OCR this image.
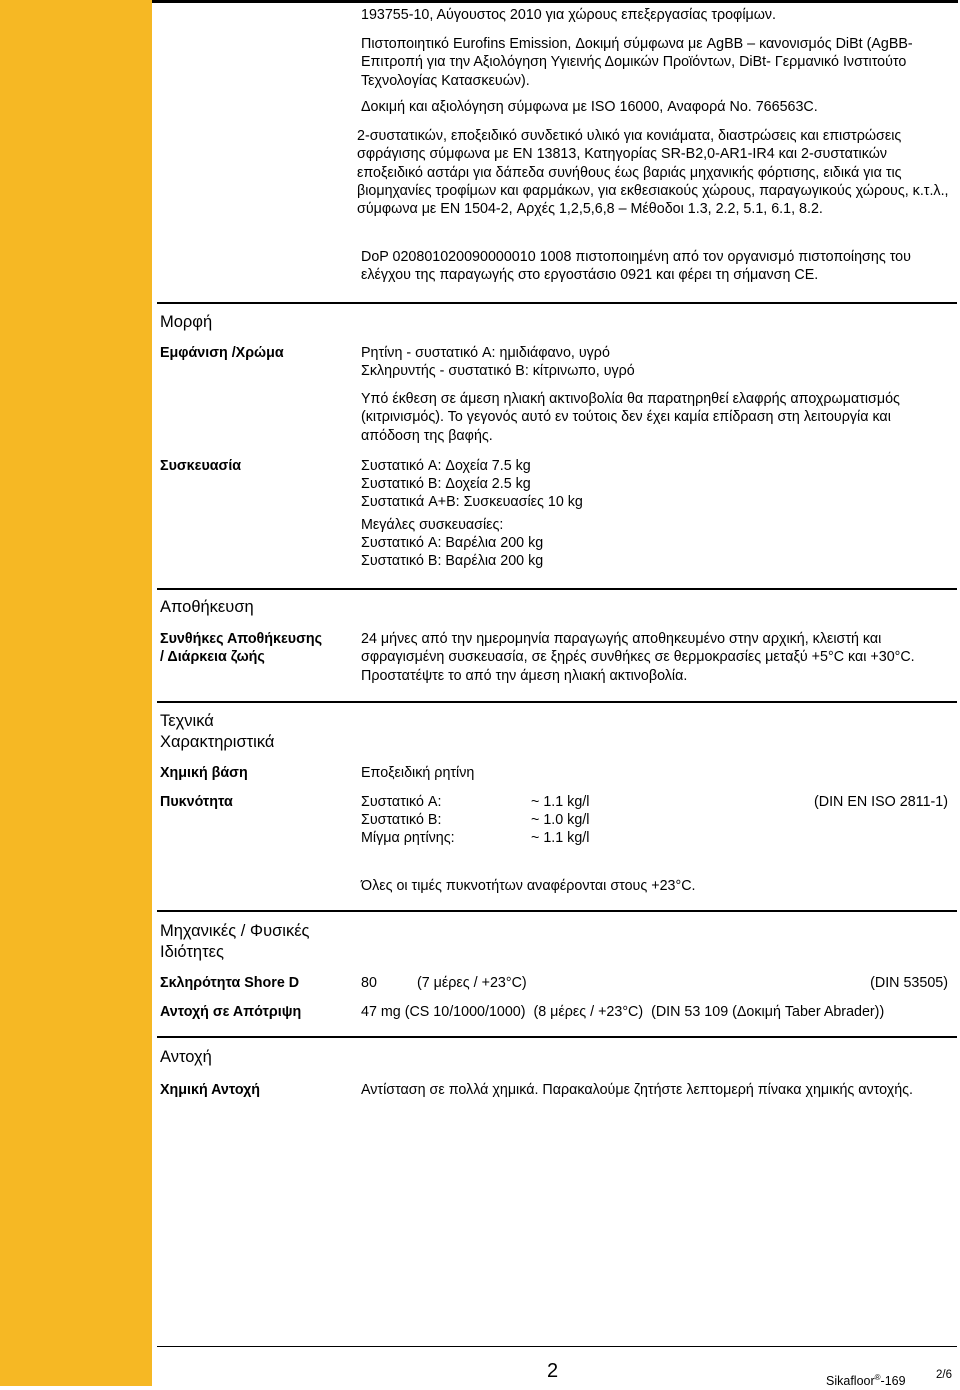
193755-10, Αύγουστος 2010 για χώρους επεξεργασίας τροφίμων.
Πιστοποιητικό Eurofins Emission, Δοκιμή σύμφωνα με AgBB – κανονισμός DiBt (AgBB-Επιτροπή για την Αξιολόγηση Υγιεινής Δομικών Προϊόντων, DiBt- Γερμανικό Ινστιτούτο Τεχνολογίας Κατασκευών).
Δοκιμή και αξιολόγηση σύμφωνα με ISO 16000, Αναφορά No. 766563C.
2-συστατικών, εποξειδικό συνδετικό υλικό για κονιάματα, διαστρώσεις και επιστρώσεις σφράγισης σύμφωνα με EN 13813, Κατηγορίας SR-B2,0-AR1-IR4 και 2-συστατικών εποξειδικό αστάρι για δάπεδα συνήθους έως βαριάς μηχανικής φόρτισης, ειδικά για τις βιομηχανίες τροφίμων και φαρμάκων, για εκθεσιακούς χώρους, παραγωγικούς χώρους, κ.τ.λ., σύμφωνα με EN 1504-2, Αρχές 1,2,5,6,8 – Μέθοδοι 1.3, 2.2, 5.1, 6.1, 8.2.
DoP 020801020090000010 1008 πιστοποιημένη από τον οργανισμό πιστοποίησης του ελέγχου της παραγωγής στο εργοστάσιο 0921 και φέρει τη σήμανση CE.
Μορφή
Εμφάνιση /Χρώμα	Ρητίνη - συστατικό A: ημιδιάφανο, υγρό
Σκληρυντής - συστατικό B: κίτρινωπο, υγρό
Υπό έκθεση σε άμεση ηλιακή ακτινοβολία θα παρατηρηθεί ελαφρής αποχρωματισμός (κιτρινισμός). Το γεγονός αυτό εν τούτοις δεν έχει καμία επίδραση στη λειτουργία και απόδοση της βαφής.
Συσκευασία	Συστατικό A: Δοχεία 7.5 kg
Συστατικό B: Δοχεία 2.5 kg
Συστατικά A+B: Συσκευασίες 10 kg
Μεγάλες συσκευασίες:
Συστατικό A: Βαρέλια 200 kg
Συστατικό B: Βαρέλια 200 kg
Αποθήκευση
Συνθήκες Αποθήκευσης
/ Διάρκεια ζωής
24 μήνες από την ημερομηνία παραγωγής αποθηκευμένο στην αρχική, κλειστή και σφραγισμένη συσκευασία, σε ξηρές συνθήκες σε θερμοκρασίες μεταξύ +5°C και +30°C. Προστατέψτε το από την άμεση ηλιακή ακτινοβολία.
Τεχνικά
Χαρακτηριστικά
Χημική βάση	Εποξειδική ρητίνη
Πυκνότητα	Συστατικό A:	~ 1.1 kg/l
Συστατικό B:	~ 1.0 kg/l
Μίγμα ρητίνης:	~ 1.1 kg/l
(DIN EN ISO 2811-1)
Όλες οι τιμές πυκνοτήτων αναφέρονται στους +23°C.
Μηχανικές / Φυσικές
Ιδιότητες
Σκληρότητα Shore D	80	(7 μέρες / +23°C)	(DIN 53505)
Αντοχή σε Απότριψη	47 mg (CS 10/1000/1000)  (8 μέρες / +23°C)  (DIN 53 109 (Δοκιμή Taber Abrader))
Αντοχή
Χημική Αντοχή	Αντίσταση σε πολλά χημικά. Παρακαλούμε ζητήστε λεπτομερή πίνακα χημικής αντοχής.
2	Sikafloor®-169	2/6
